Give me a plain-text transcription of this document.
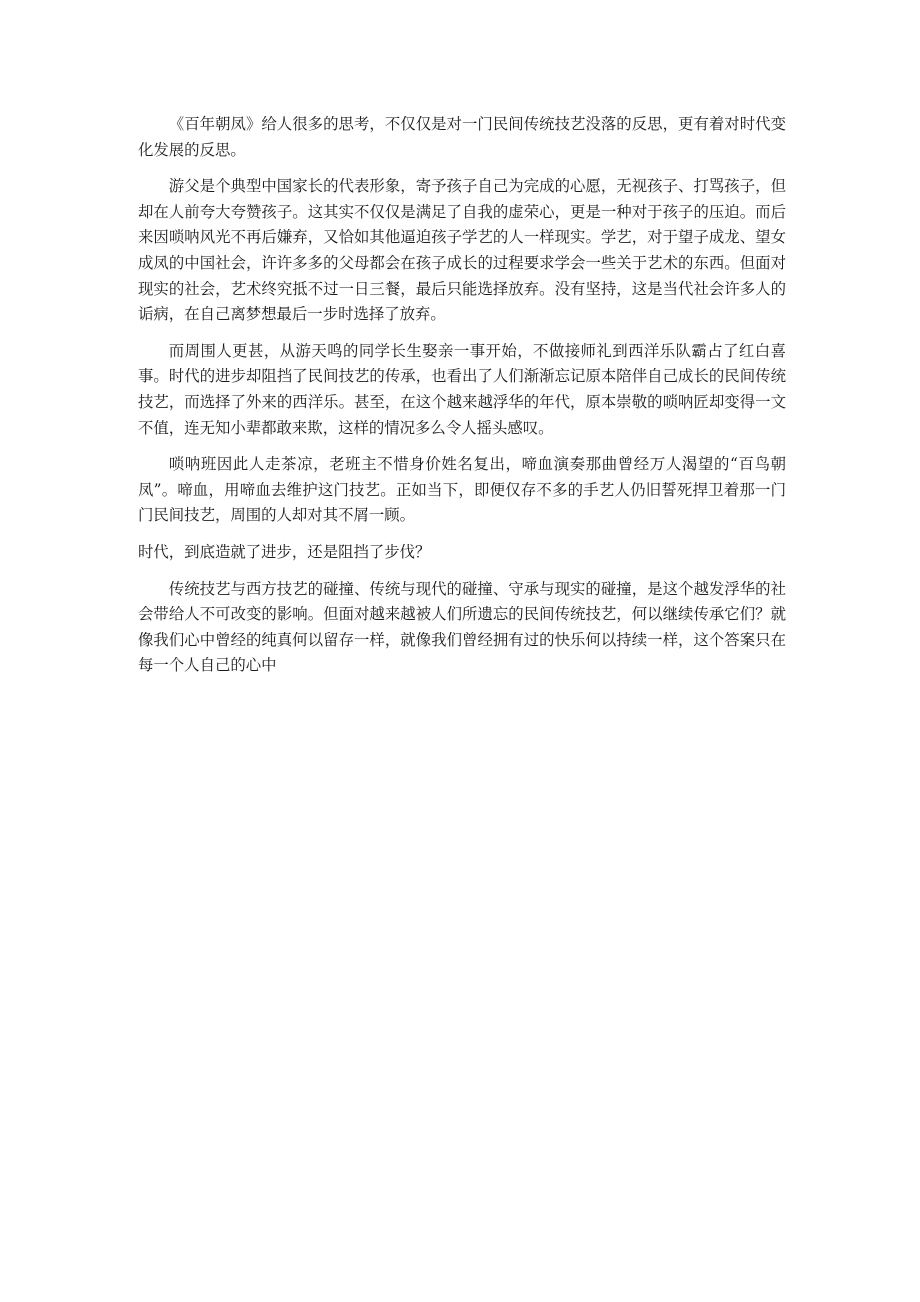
《百年朝凤》给人很多的思考，不仅仅是对一门民间传统技艺没落的反思，更有着对时代变化发展的反思。

游父是个典型中国家长的代表形象，寄予孩子自己为完成的心愿，无视孩子、打骂孩子，但却在人前夸大夸赞孩子。这其实不仅仅是满足了自我的虚荣心，更是一种对于孩子的压迫。而后来因唢呐风光不再后嫌弃，又恰如其他逼迫孩子学艺的人一样现实。学艺，对于望子成龙、望女成凤的中国社会，许许多多的父母都会在孩子成长的过程要求学会一些关于艺术的东西。但面对现实的社会，艺术终究抵不过一日三餐，最后只能选择放弃。没有坚持，这是当代社会许多人的诟病，在自己离梦想最后一步时选择了放弃。

而周围人更甚，从游天鸣的同学长生娶亲一事开始，不做接师礼到西洋乐队霸占了红白喜事。时代的进步却阻挡了民间技艺的传承，也看出了人们渐渐忘记原本陪伴自己成长的民间传统技艺，而选择了外来的西洋乐。甚至，在这个越来越浮华的年代，原本崇敬的唢呐匠却变得一文不值，连无知小辈都敢来欺，这样的情况多么令人摇头感叹。

唢呐班因此人走茶凉，老班主不惜身价姓名复出，啼血演奏那曲曾经万人渴望的“百鸟朝凤”。啼血，用啼血去维护这门技艺。正如当下，即便仅存不多的手艺人仍旧誓死捍卫着那一门门民间技艺，周围的人却对其不屑一顾。

时代，到底造就了进步，还是阻挡了步伐？

传统技艺与西方技艺的碰撞、传统与现代的碰撞、守承与现实的碰撞，是这个越发浮华的社会带给人不可改变的影响。但面对越来越被人们所遗忘的民间传统技艺，何以继续传承它们？就像我们心中曾经的纯真何以留存一样，就像我们曾经拥有过的快乐何以持续一样，这个答案只在每一个人自己的心中
